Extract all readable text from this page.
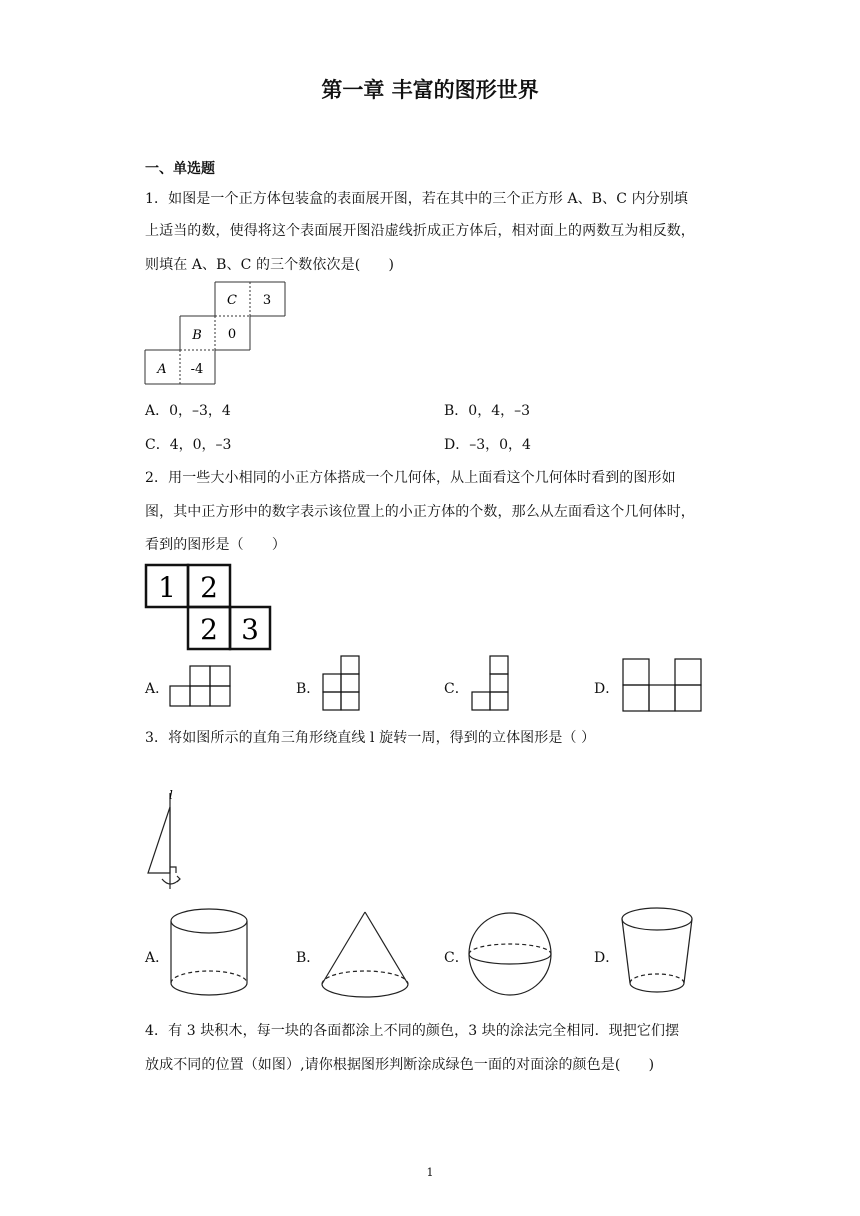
第一章 丰富的图形世界
一、单选题
1．如图是一个正方体包装盒的表面展开图，若在其中的三个正方形 A、B、C 内分别填
上适当的数，使得将这个表面展开图沿虚线折成正方体后，相对面上的两数互为相反数，
则填在 A、B、C 的三个数依次是(　　)
C 3
B 0
A -4
A．0，–3，4	B．0，4，–3
C．4，0，–3	D．–3，0，4
2．用一些大小相同的小正方体搭成一个几何体，从上面看这个几何体时看到的图形如
图，其中正方形中的数字表示该位置上的小正方体的个数，那么从左面看这个几何体时，
看到的图形是（　　）
1 2
2 3
A．	B．	C．	D．
3．将如图所示的直角三角形绕直线 l 旋转一周，得到的立体图形是（ ）
l
A．	B．	C．	D．
4．有 3 块积木，每一块的各面都涂上不同的颜色，3 块的涂法完全相同．现把它们摆
放成不同的位置（如图）,请你根据图形判断涂成绿色一面的对面涂的颜色是(　　)
1
